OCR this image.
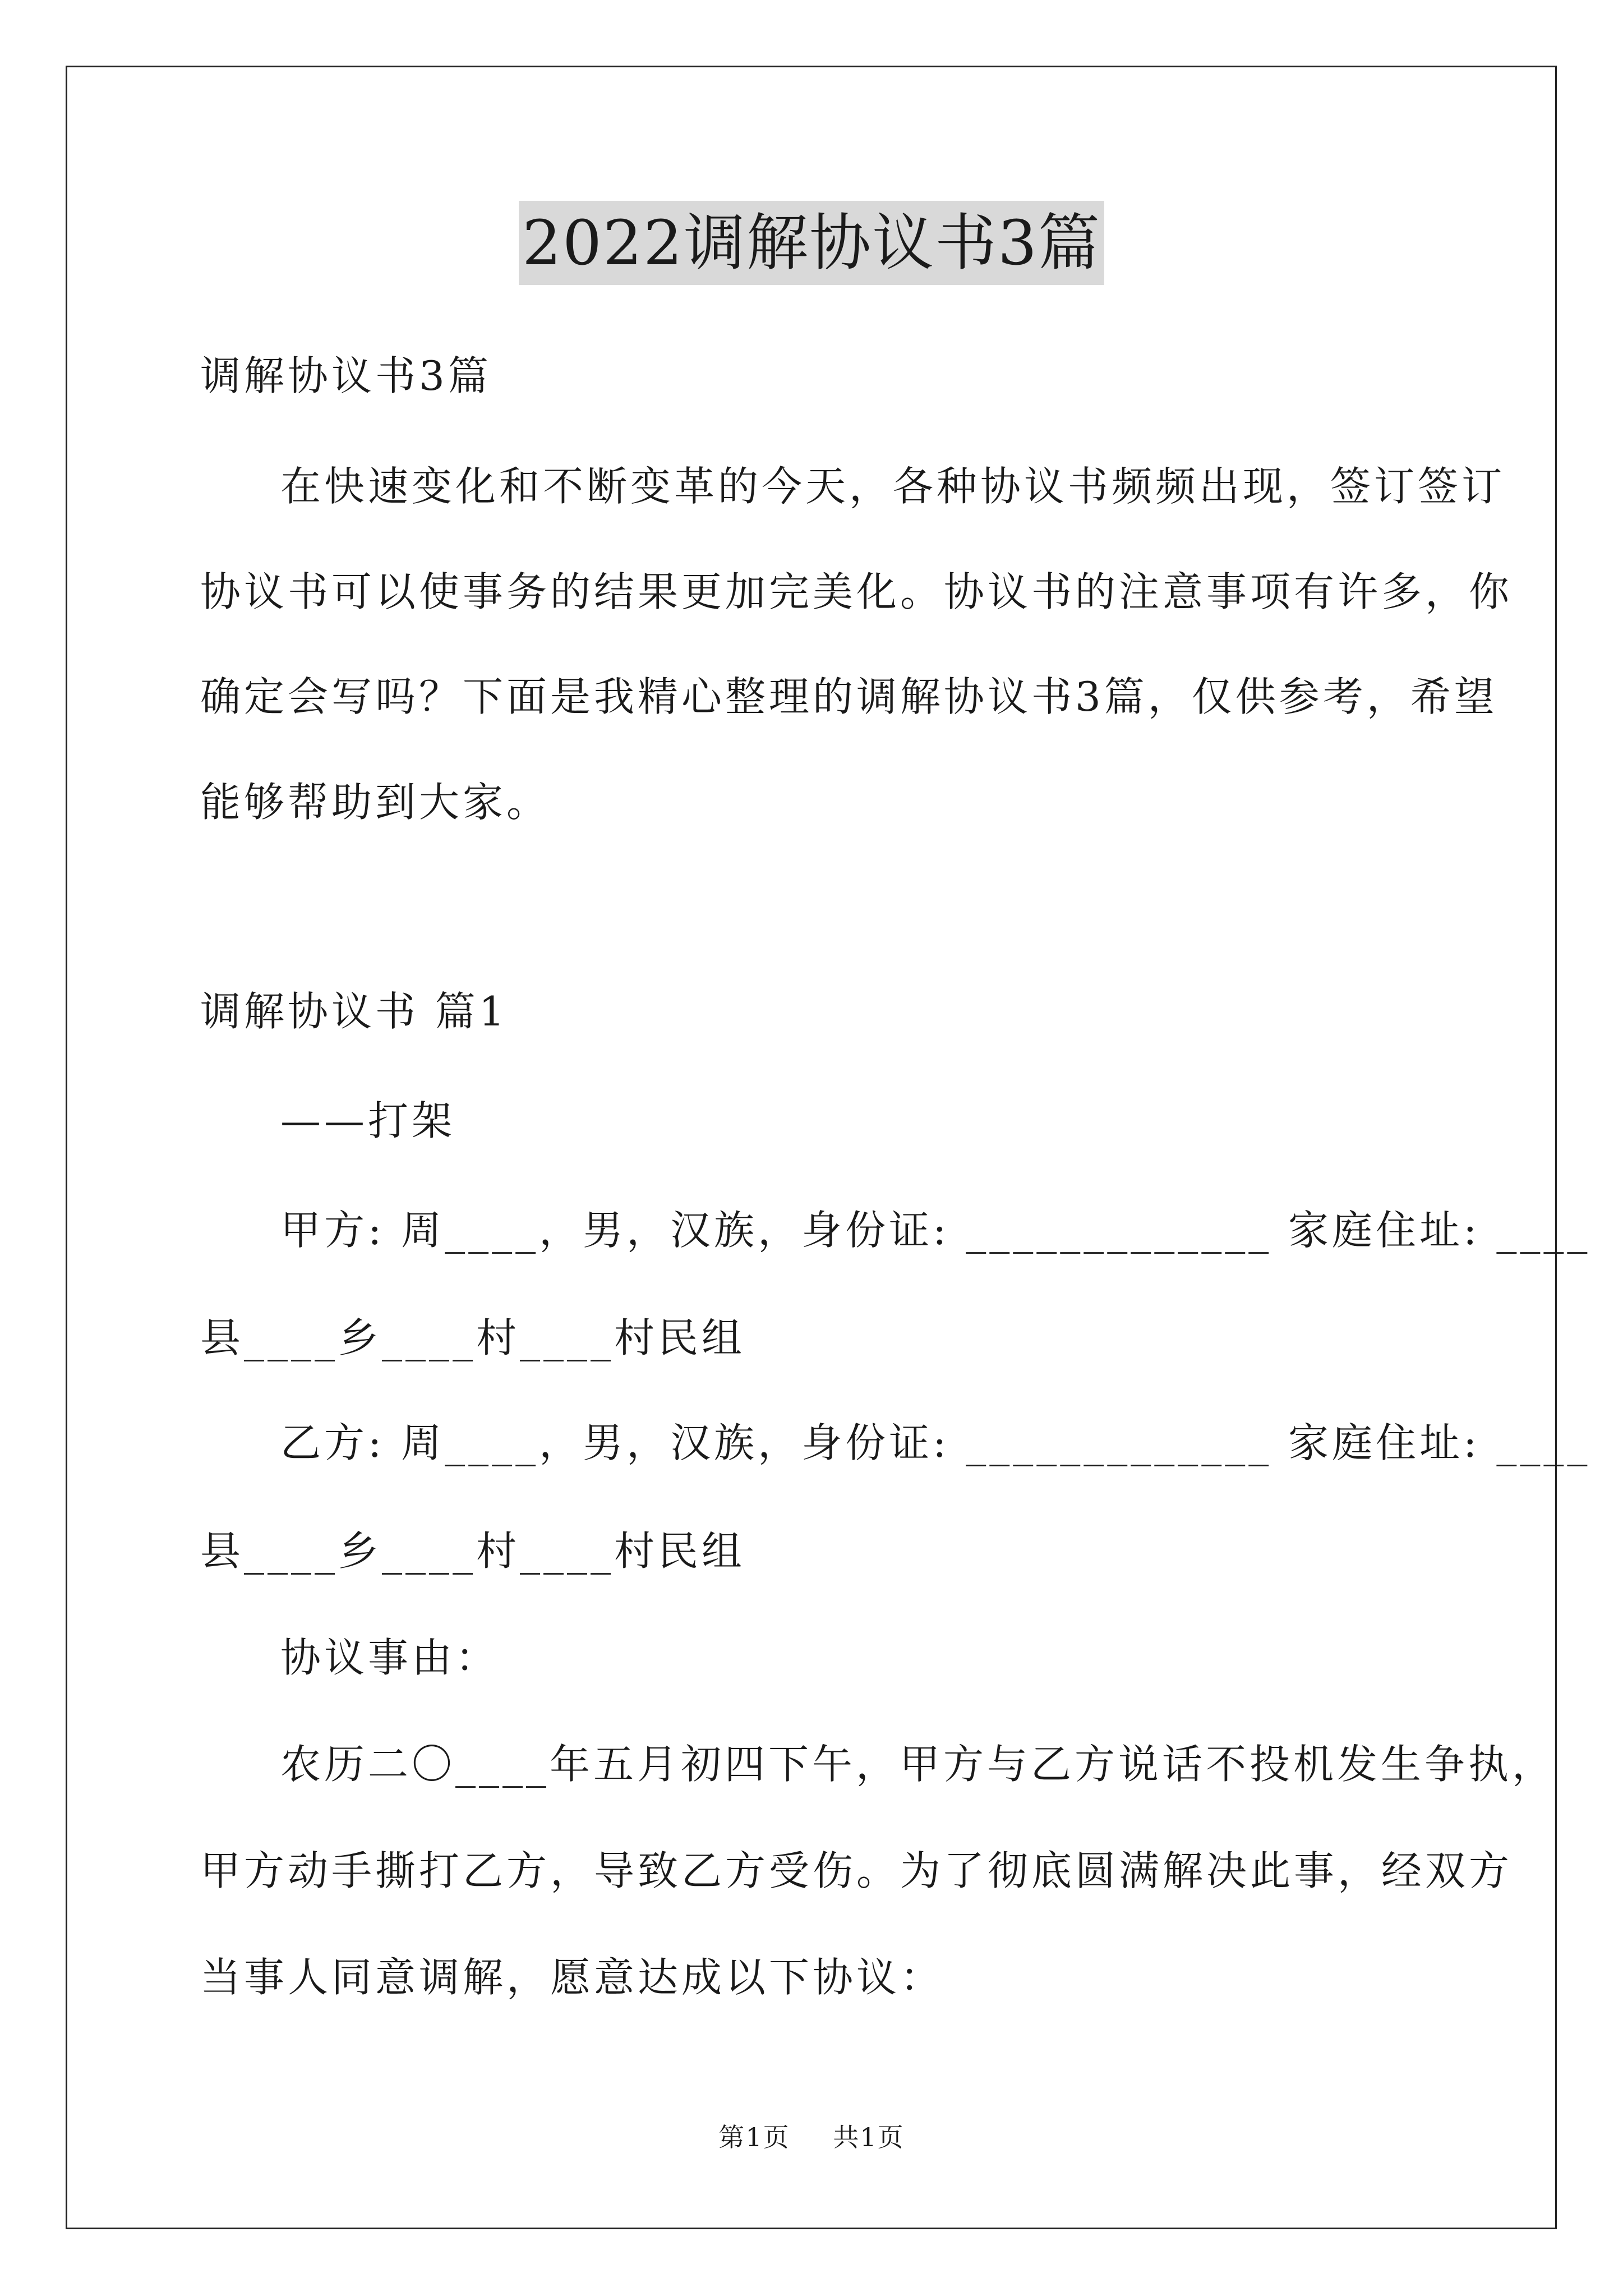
2022调解协议书3篇
调解协议书3篇
在快速变化和不断变革的今天，各种协议书频频出现，签订签订
协议书可以使事务的结果更加完美化。协议书的注意事项有许多，你
确定会写吗？下面是我精心整理的调解协议书3篇，仅供参考，希望
能够帮助到大家。
调解协议书 篇1
——打架
甲方: 周____，男，汉族，身份证: _____________ 家庭住址: ____
县____乡____村____村民组
乙方: 周____，男，汉族，身份证: _____________ 家庭住址: ____
县____乡____村____村民组
协议事由：
农历二〇____年五月初四下午，甲方与乙方说话不投机发生争执，
甲方动手撕打乙方，导致乙方受伤。为了彻底圆满解决此事，经双方
当事人同意调解，愿意达成以下协议：
第1页 共1页
